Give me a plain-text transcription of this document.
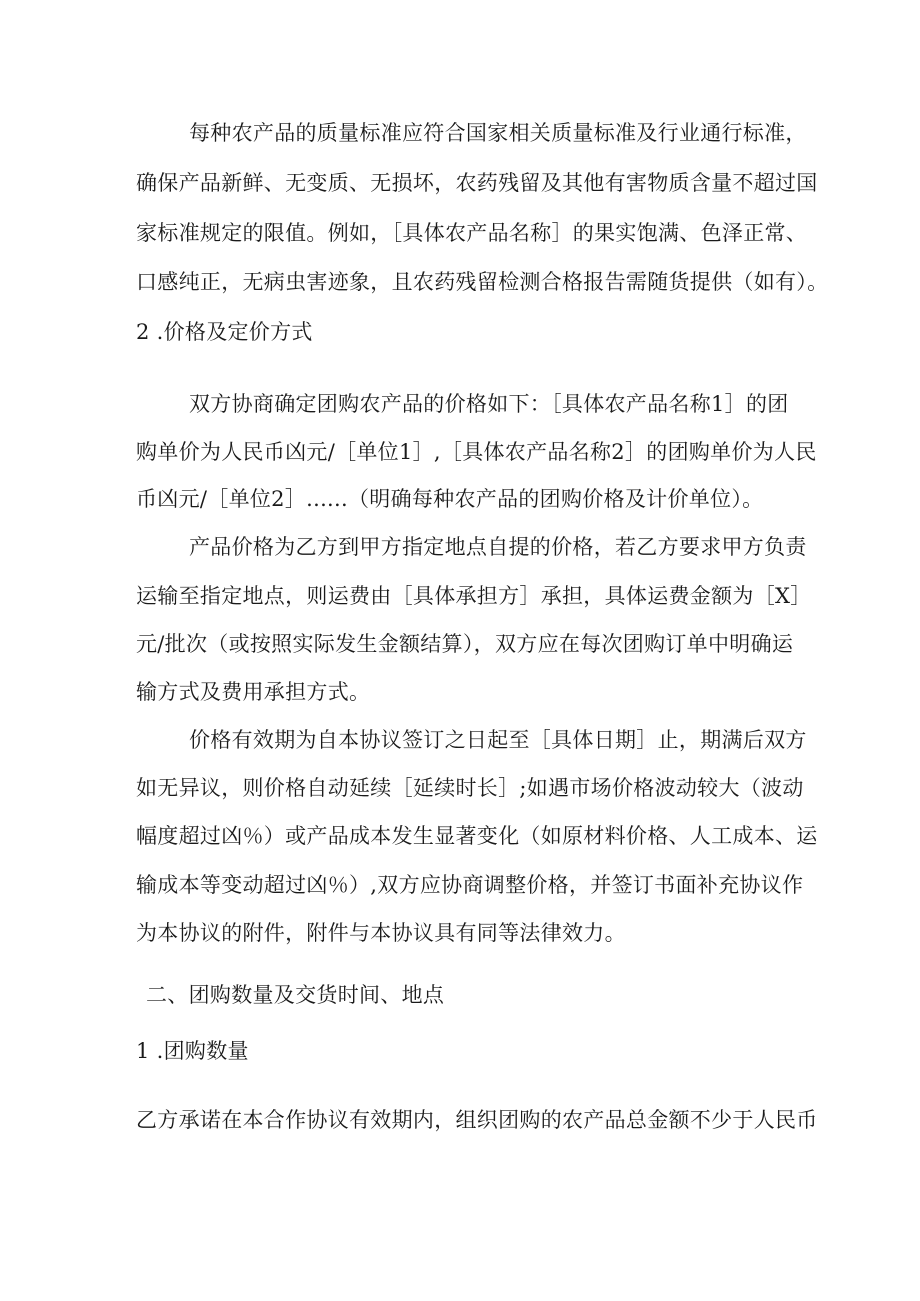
每种农产品的质量标准应符合国家相关质量标准及行业通行标准，
确保产品新鲜、无变质、无损坏，农药残留及其他有害物质含量不超过国
家标准规定的限值。例如，［具体农产品名称］的果实饱满、色泽正常、
口感纯正，无病虫害迹象，且农药残留检测合格报告需随货提供（如有）。
2 .价格及定价方式
双方协商确定团购农产品的价格如下：［具体农产品名称1］的团
购单价为人民币凶元/［单位1］,［具体农产品名称2］的团购单价为人民
币凶元/［单位2］......（明确每种农产品的团购价格及计价单位）。
产品价格为乙方到甲方指定地点自提的价格，若乙方要求甲方负责
运输至指定地点，则运费由［具体承担方］承担，具体运费金额为［X］
元/批次（或按照实际发生金额结算），双方应在每次团购订单中明确运
输方式及费用承担方式。
价格有效期为自本协议签订之日起至［具体日期］止，期满后双方
如无异议，则价格自动延续［延续时长］;如遇市场价格波动较大（波动
幅度超过凶％）或产品成本发生显著变化（如原材料价格、人工成本、运
输成本等变动超过凶％）,双方应协商调整价格，并签订书面补充协议作
为本协议的附件，附件与本协议具有同等法律效力。
二、团购数量及交货时间、地点
1 .团购数量
乙方承诺在本合作协议有效期内，组织团购的农产品总金额不少于人民币
